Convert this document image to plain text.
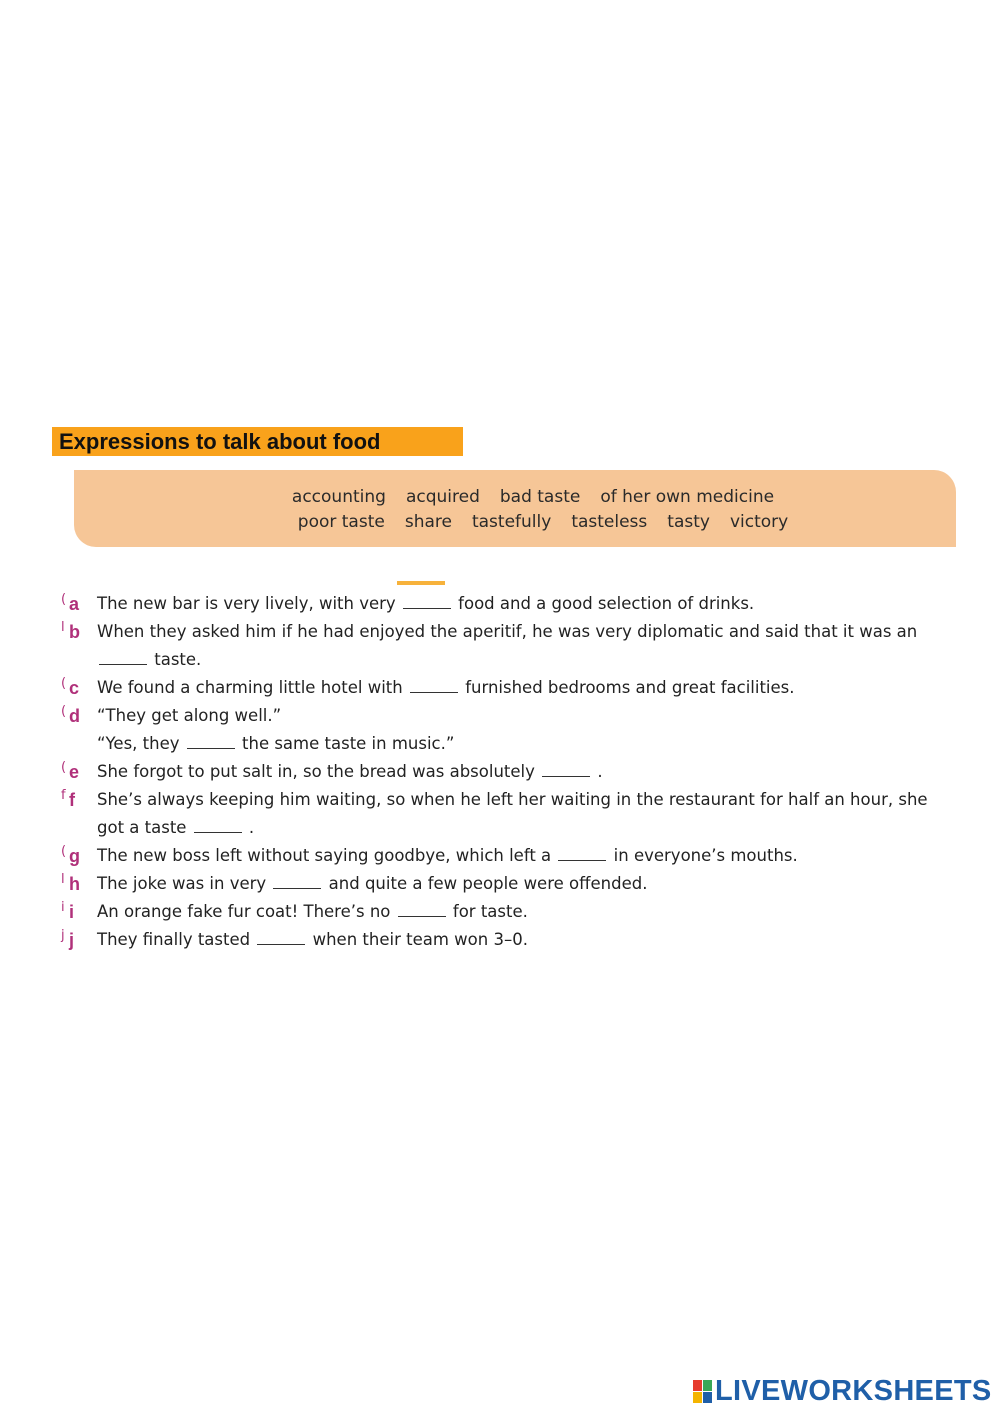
Expressions to talk about food
accounting acquired bad taste of her own medicine
poor taste share tastefully tasteless tasty victory
( a The new bar is very lively, with very	food and a good selection of drinks.
l b When they asked him if he had enjoyed the aperitif, he was very diplomatic and said that it was an
taste.
( c We found a charming little hotel with	furnished bedrooms and great facilities.
( d “They get along well.”
“Yes, they	the same taste in music.”
( e She forgot to put salt in, so the bread was absolutely	.
f f She’s always keeping him waiting, so when he left her waiting in the restaurant for half an hour, she
got a taste	.
( g The new boss left without saying goodbye, which left a	in everyone’s mouths.
l h The joke was in very	and quite a few people were offended.
i i An orange fake fur coat! There’s no	for taste.
j j They finally tasted	when their team won 3–0.
LIVEWORKSHEETS
